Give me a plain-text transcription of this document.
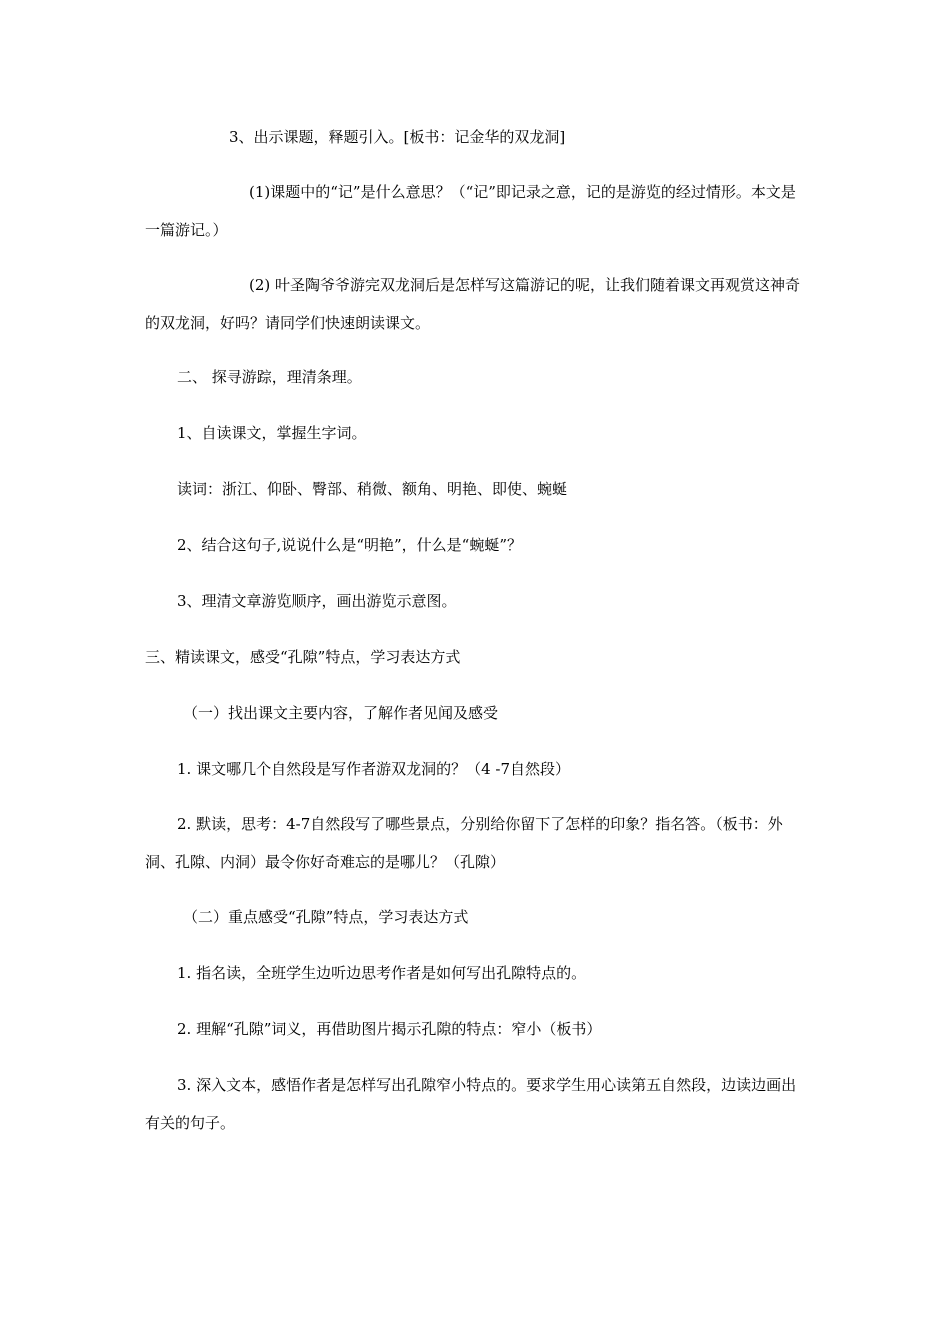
3、出示课题，释题引入。[板书：记金华的双龙洞]

(1)课题中的“记”是什么意思？（“记”即记录之意，记的是游览的经过情形。本文是一篇游记。）

(2) 叶圣陶爷爷游完双龙洞后是怎样写这篇游记的呢，让我们随着课文再观赏这神奇的双龙洞，好吗？请同学们快速朗读课文。

二、 探寻游踪，理清条理。

1、自读课文，掌握生字词。

读词：浙江、仰卧、臀部、稍微、额角、明艳、即使、蜿蜒

2、结合这句子,说说什么是“明艳”，什么是“蜿蜒”？

3、理清文章游览顺序，画出游览示意图。

三、精读课文，感受“孔隙”特点，学习表达方式

（一）找出课文主要内容，了解作者见闻及感受

1. 课文哪几个自然段是写作者游双龙洞的？（4 -7自然段）

2. 默读，思考：4-7自然段写了哪些景点，分别给你留下了怎样的印象？指名答。（板书：外洞、孔隙、内洞）最令你好奇难忘的是哪儿？（孔隙）

（二）重点感受“孔隙”特点，学习表达方式

1. 指名读，全班学生边听边思考作者是如何写出孔隙特点的。

2. 理解“孔隙”词义，再借助图片揭示孔隙的特点：窄小（板书）

3. 深入文本，感悟作者是怎样写出孔隙窄小特点的。要求学生用心读第五自然段，边读边画出有关的句子。
